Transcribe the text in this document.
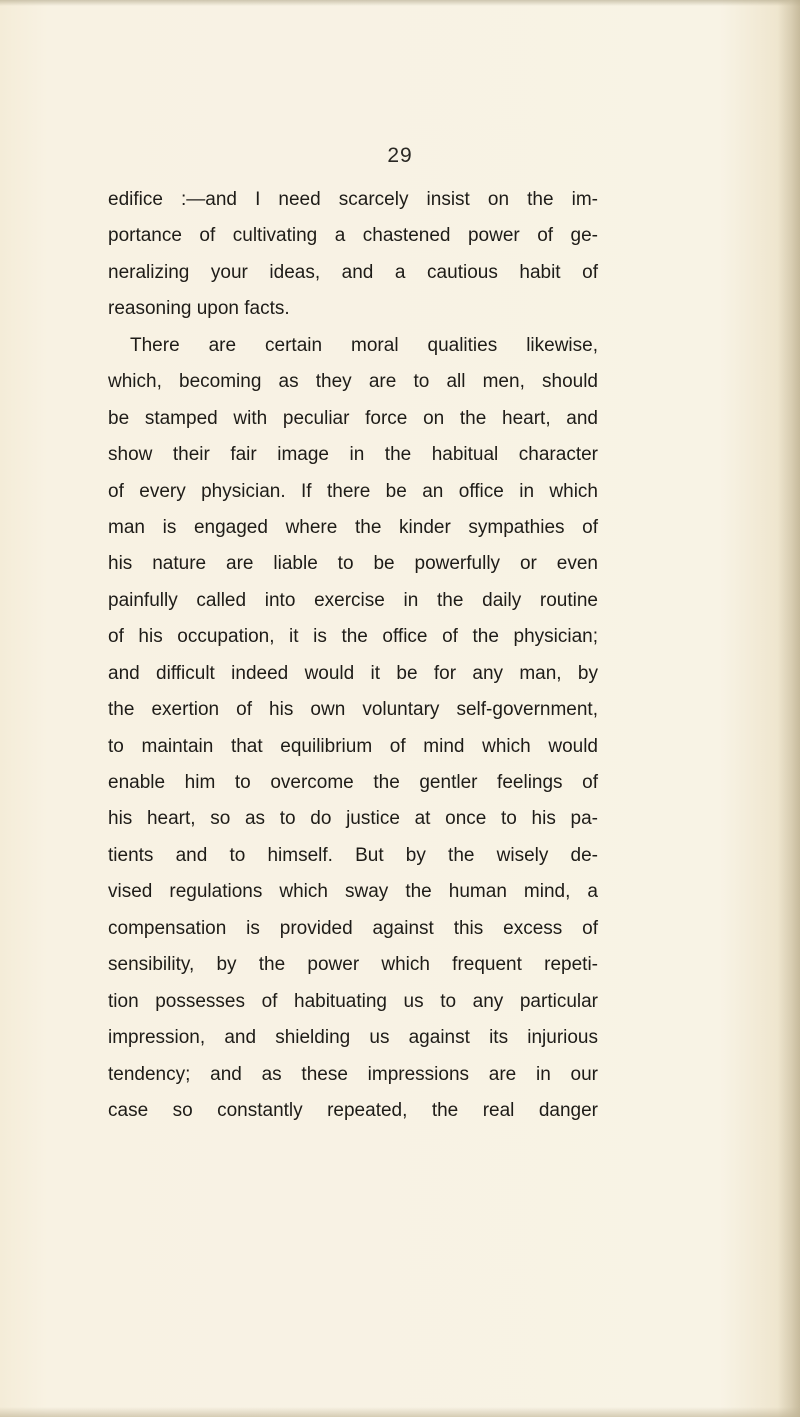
29
edifice :—and I need scarcely insist on the im-
portance of cultivating a chastened power of ge-
neralizing your ideas, and a cautious habit of
reasoning upon facts.
There are certain moral qualities likewise,
which, becoming as they are to all men, should
be stamped with peculiar force on the heart, and
show their fair image in the habitual character
of every physician. If there be an office in which
man is engaged where the kinder sympathies of
his nature are liable to be powerfully or even
painfully called into exercise in the daily routine
of his occupation, it is the office of the physician;
and difficult indeed would it be for any man, by
the exertion of his own voluntary self-government,
to maintain that equilibrium of mind which would
enable him to overcome the gentler feelings of
his heart, so as to do justice at once to his pa-
tients and to himself. But by the wisely de-
vised regulations which sway the human mind, a
compensation is provided against this excess of
sensibility, by the power which frequent repeti-
tion possesses of habituating us to any particular
impression, and shielding us against its injurious
tendency; and as these impressions are in our
case so constantly repeated, the real danger
